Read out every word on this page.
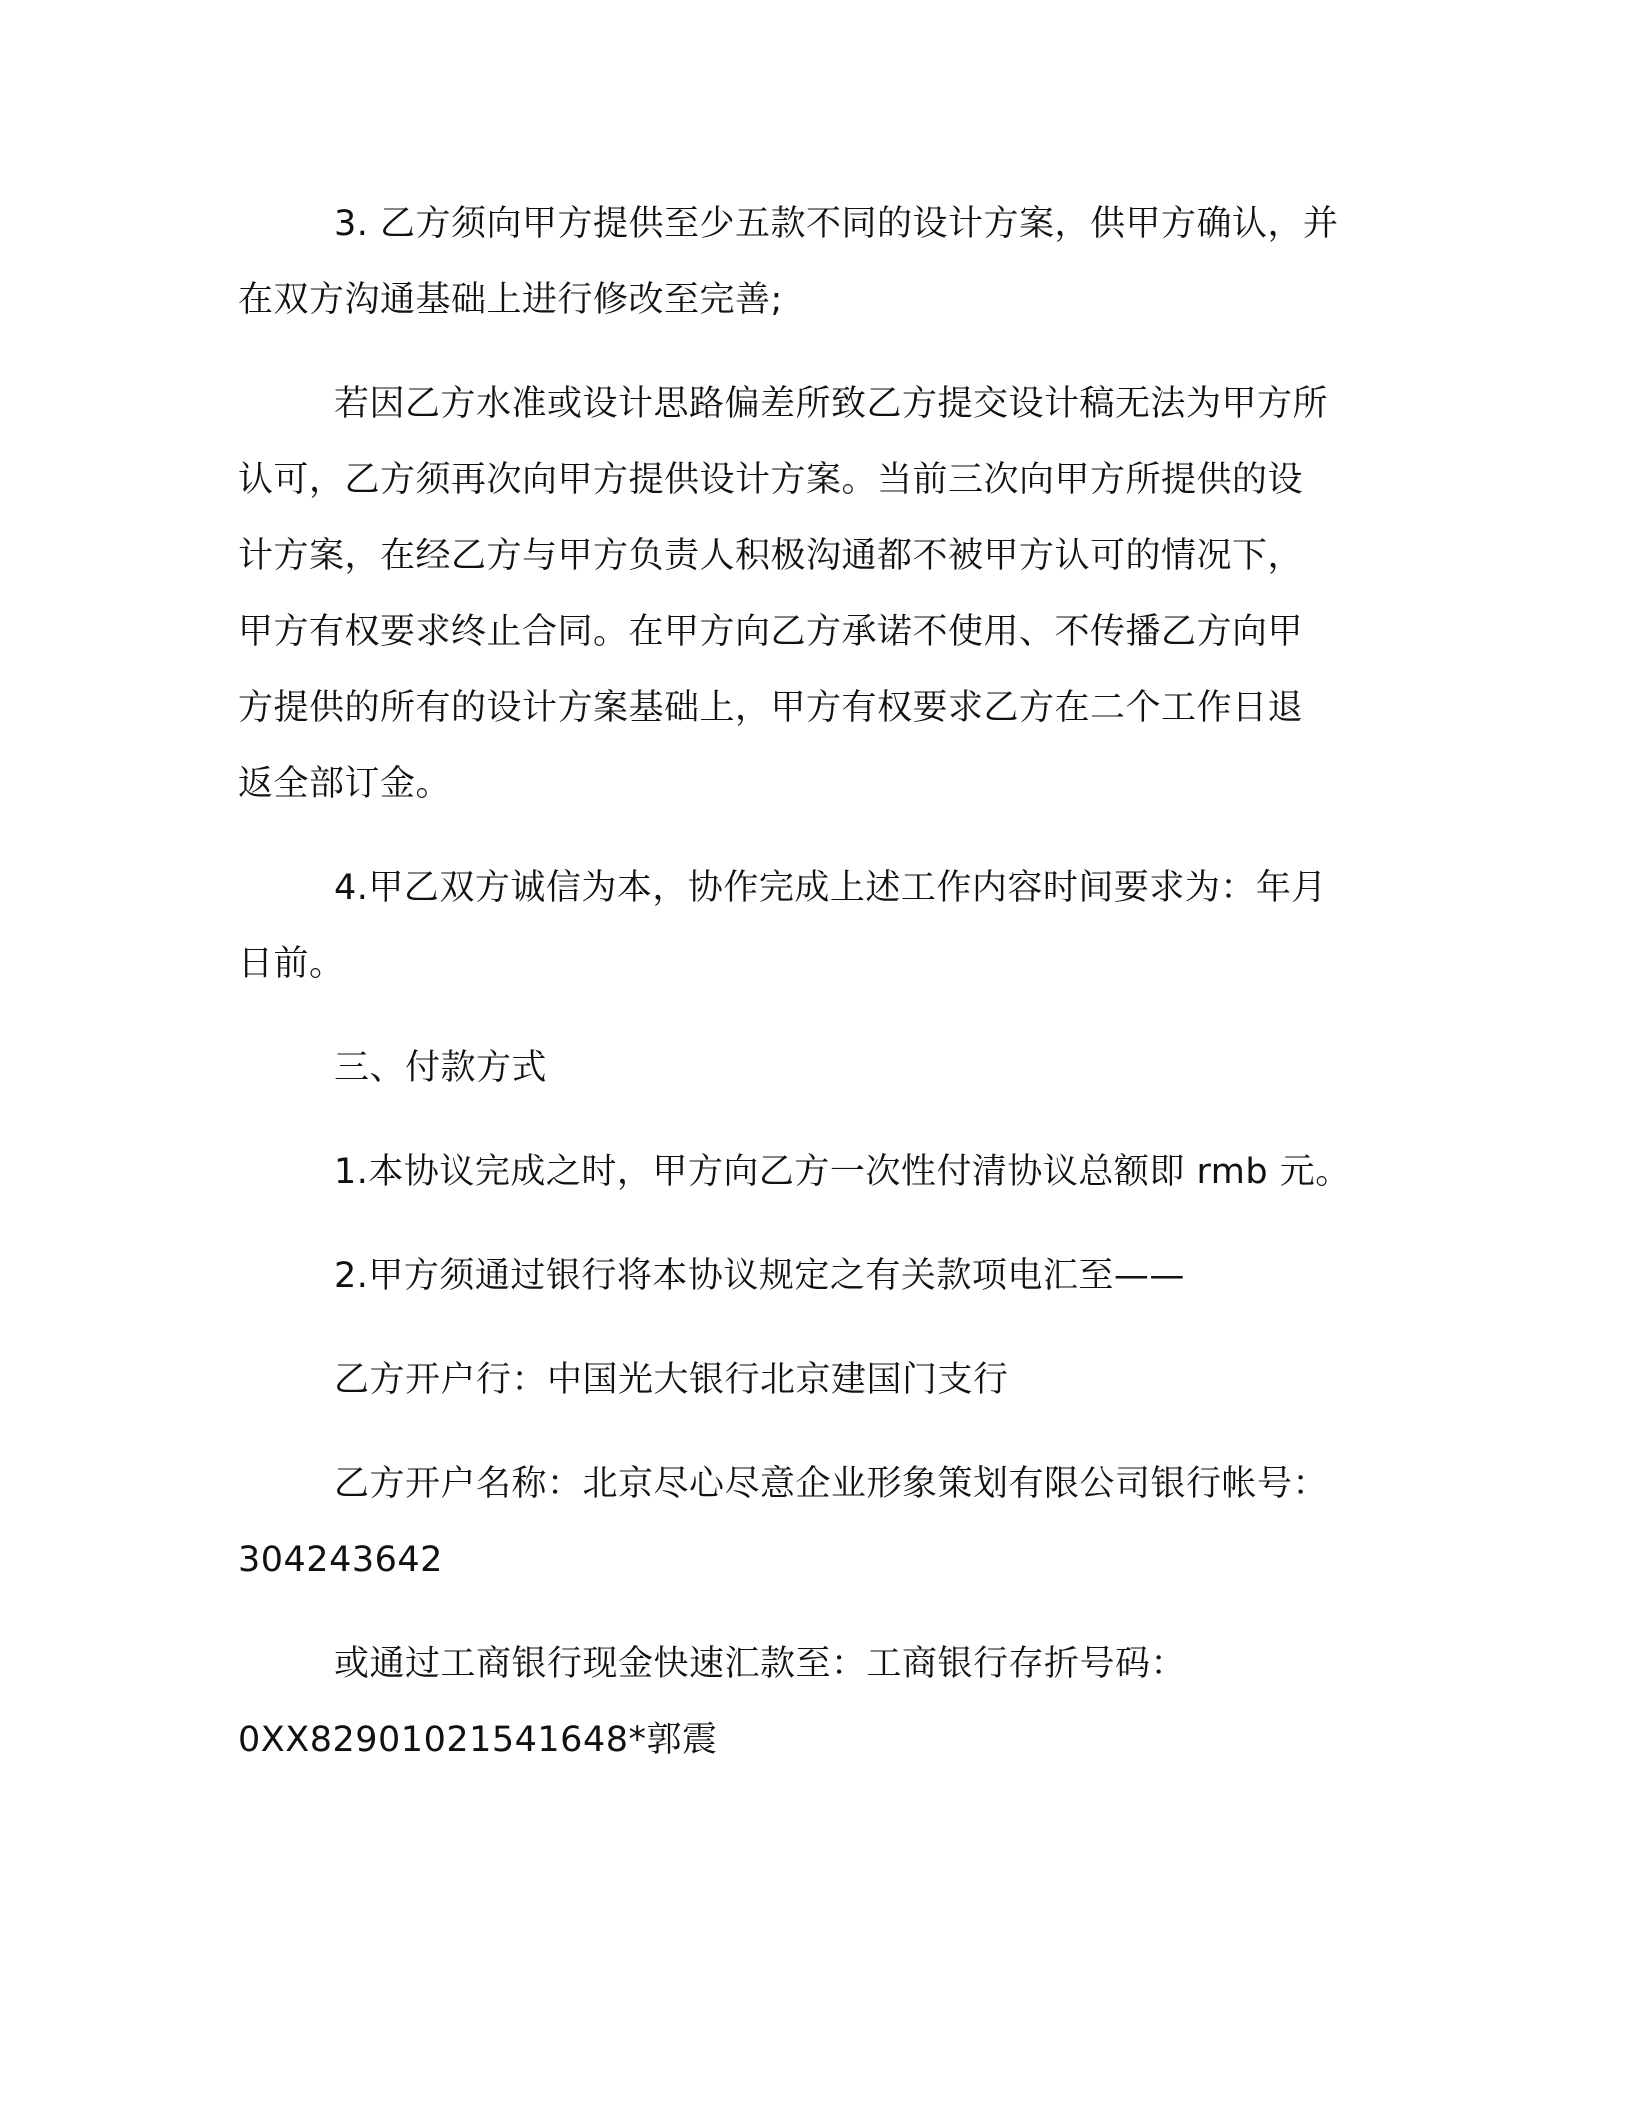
3. 乙方须向甲方提供至少五款不同的设计方案，供甲方确认，并
在双方沟通基础上进行修改至完善;

若因乙方水准或设计思路偏差所致乙方提交设计稿无法为甲方所
认可，乙方须再次向甲方提供设计方案。当前三次向甲方所提供的设
计方案，在经乙方与甲方负责人积极沟通都不被甲方认可的情况下，
甲方有权要求终止合同。在甲方向乙方承诺不使用、不传播乙方向甲
方提供的所有的设计方案基础上，甲方有权要求乙方在二个工作日退
返全部订金。

4.甲乙双方诚信为本，协作完成上述工作内容时间要求为：年月
日前。

三、付款方式

1.本协议完成之时，甲方向乙方一次性付清协议总额即 rmb 元。

2.甲方须通过银行将本协议规定之有关款项电汇至——

乙方开户行：中国光大银行北京建国门支行

乙方开户名称：北京尽心尽意企业形象策划有限公司银行帐号：
304243642

或通过工商银行现金快速汇款至：工商银行存折号码：
0XX82901021541648*郭震
